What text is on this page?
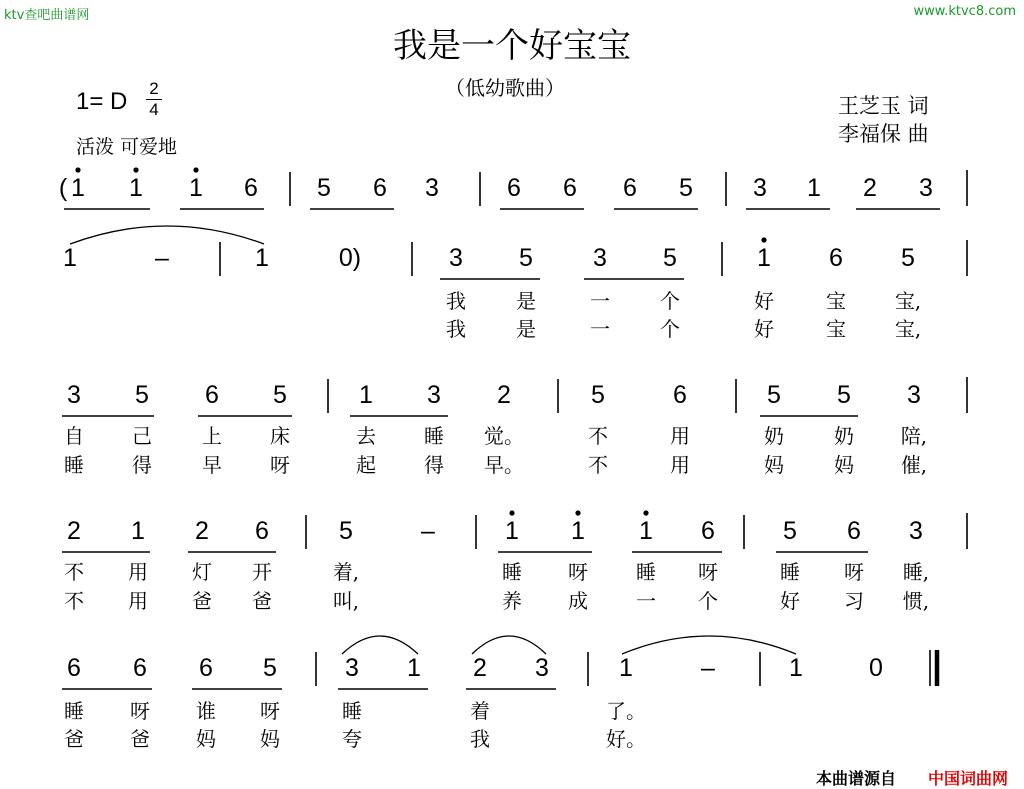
ktv查吧曲谱网	www.ktvc8.com
我是一个好宝宝
（低幼歌曲）
1= D 2
4
活泼 可爱地
王芝玉 词
李福保 曲
( 1 1 1 6 5 6 3	6 6 6 5 3 1 2 3
1	–	1	0)	3 5 3 5	1 6 5
我	是	一	个	好	宝 宝,
我	是	一	个	好	宝 宝,
3 5 6 5	1 3 2	5	6	5 5 3
自 己	上 床	去 睡 觉。	不	用	奶	奶 陪,
睡 得	早 呀	起 得 早。	不	用	妈	妈 催,
2 1 2 6	5	–	1 1 1 6	5 6 3
不 用 灯 开	着,	睡 呀 睡 呀	睡 呀 睡,
不 用 爸 爸	叫,	养 成 一 个	好 习 惯,
6 6 6 5	3 1 2 3	1	–	1	0
睡 呀 谁 呀	睡	着	了。
爸 爸 妈 妈	夸	我	好。
本曲谱源自 中国词曲网
